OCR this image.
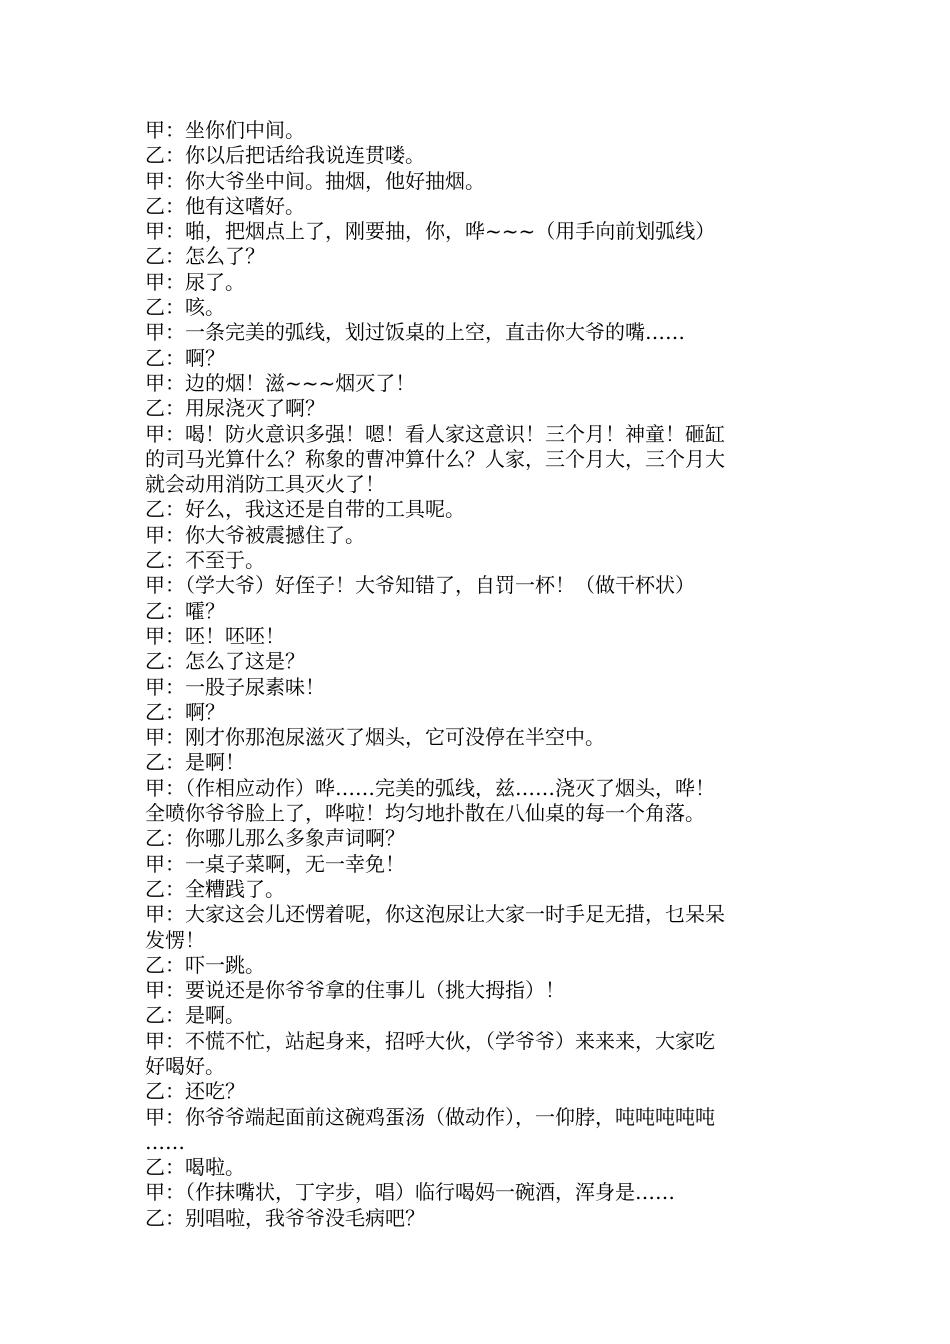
甲：坐你们中间。
乙：你以后把话给我说连贯喽。
甲：你大爷坐中间。抽烟，他好抽烟。
乙：他有这嗜好。
甲：啪，把烟点上了，刚要抽，你，哗~~~（用手向前划弧线）
乙：怎么了？
甲：尿了。
乙：咳。
甲：一条完美的弧线，划过饭桌的上空，直击你大爷的嘴……
乙：啊？
甲：边的烟！滋~~~烟灭了！
乙：用尿浇灭了啊？
甲：喝！防火意识多强！嗯！看人家这意识！三个月！神童！砸缸
的司马光算什么？称象的曹冲算什么？人家，三个月大，三个月大
就会动用消防工具灭火了！
乙：好么，我这还是自带的工具呢。
甲：你大爷被震撼住了。
乙：不至于。
甲：（学大爷）好侄子！大爷知错了，自罚一杯！（做干杯状）
乙：嚯？
甲：呸！呸呸！
乙：怎么了这是？
甲：一股子尿素味！
乙：啊？
甲：刚才你那泡尿滋灭了烟头，它可没停在半空中。
乙：是啊！
甲：（作相应动作）哗……完美的弧线，兹……浇灭了烟头，哗！
全喷你爷爷脸上了，哗啦！均匀地扑散在八仙桌的每一个角落。
乙：你哪儿那么多象声词啊？
甲：一桌子菜啊，无一幸免！
乙：全糟践了。
甲：大家这会儿还愣着呢，你这泡尿让大家一时手足无措，乜呆呆
发愣！
乙：吓一跳。
甲：要说还是你爷爷拿的住事儿（挑大拇指）！
乙：是啊。
甲：不慌不忙，站起身来，招呼大伙，（学爷爷）来来来，大家吃
好喝好。
乙：还吃？
甲：你爷爷端起面前这碗鸡蛋汤（做动作），一仰脖，吨吨吨吨吨
……
乙：喝啦。
甲：（作抹嘴状，丁字步，唱）临行喝妈一碗酒，浑身是……
乙：别唱啦，我爷爷没毛病吧？
